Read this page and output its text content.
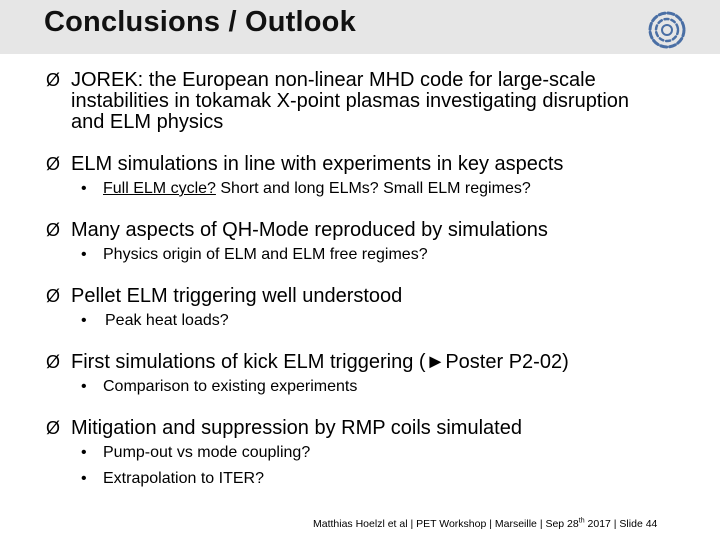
Conclusions / Outlook
Ø JOREK: the European non-linear MHD code for large-scale instabilities in tokamak X-point plasmas investigating disruption and ELM physics
Ø ELM simulations in line with experiments in key aspects
•	Full ELM cycle? Short and long ELMs? Small ELM regimes?
Ø Many aspects of QH-Mode reproduced by simulations
•	Physics origin of ELM and ELM free regimes?
Ø Pellet ELM triggering well understood
•	Peak heat loads?
Ø First simulations of kick ELM triggering (►Poster P2-02)
•	Comparison to existing experiments
Ø Mitigation and suppression by RMP coils simulated
•	Pump-out vs mode coupling?
•	Extrapolation to ITER?
Matthias Hoelzl et al | PET Workshop | Marseille | Sep 28th 2017 | Slide 44
